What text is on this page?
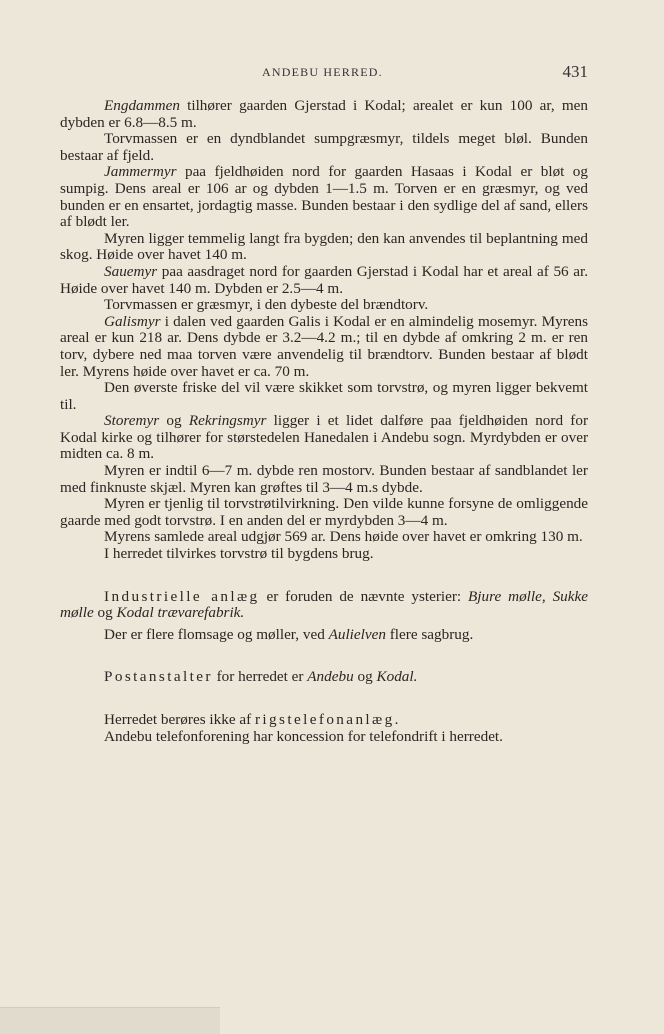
ANDEBU HERRED.	431

Engdammen tilhører gaarden Gjerstad i Kodal; arealet er kun 100 ar, men dybden er 6.8—8.5 m.

Torvmassen er en dyndblandet sumpgræsmyr, tildels meget bløl. Bunden bestaar af fjeld.

Jammermyr paa fjeldhøiden nord for gaarden Hasaas i Kodal er bløt og sumpig. Dens areal er 106 ar og dybden 1—1.5 m. Torven er en græsmyr, og ved bunden er en ensartet, jordagtig masse. Bunden bestaar i den sydlige del af sand, ellers af blødt ler.

Myren ligger temmelig langt fra bygden; den kan anvendes til beplantning med skog. Høide over havet 140 m.

Sauemyr paa aasdraget nord for gaarden Gjerstad i Kodal har et areal af 56 ar. Høide over havet 140 m. Dybden er 2.5—4 m.

Torvmassen er græsmyr, i den dybeste del brændtorv.

Galismyr i dalen ved gaarden Galis i Kodal er en almindelig mosemyr. Myrens areal er kun 218 ar. Dens dybde er 3.2—4.2 m.; til en dybde af omkring 2 m. er ren torv, dybere ned maa torven være anvendelig til brændtorv. Bunden bestaar af blødt ler. Myrens høide over havet er ca. 70 m.

Den øverste friske del vil være skikket som torvstrø, og myren ligger bekvemt til.

Storemyr og Rekringsmyr ligger i et lidet dalføre paa fjeldhøiden nord for Kodal kirke og tilhører for størstedelen Hanedalen i Andebu sogn. Myrdybden er over midten ca. 8 m.

Myren er indtil 6—7 m. dybde ren mostorv. Bunden bestaar af sandblandet ler med finknuste skjæl. Myren kan grøftes til 3—4 m.s dybde.

Myren er tjenlig til torvstrøtilvirkning. Den vilde kunne forsyne de omliggende gaarde med godt torvstrø. I en anden del er myrdybden 3—4 m.

Myrens samlede areal udgjør 569 ar. Dens høide over havet er omkring 130 m.

I herredet tilvirkes torvstrø til bygdens brug.

Industrielle anlæg er foruden de nævnte ysterier: Bjure mølle, Sukke mølle og Kodal trævarefabrik.

Der er flere flomsage og møller, ved Aulielven flere sagbrug.

Postanstalter for herredet er Andebu og Kodal.

Herredet berøres ikke af rigstelefonanlæg.

Andebu telefonforening har koncession for telefondrift i herredet.
